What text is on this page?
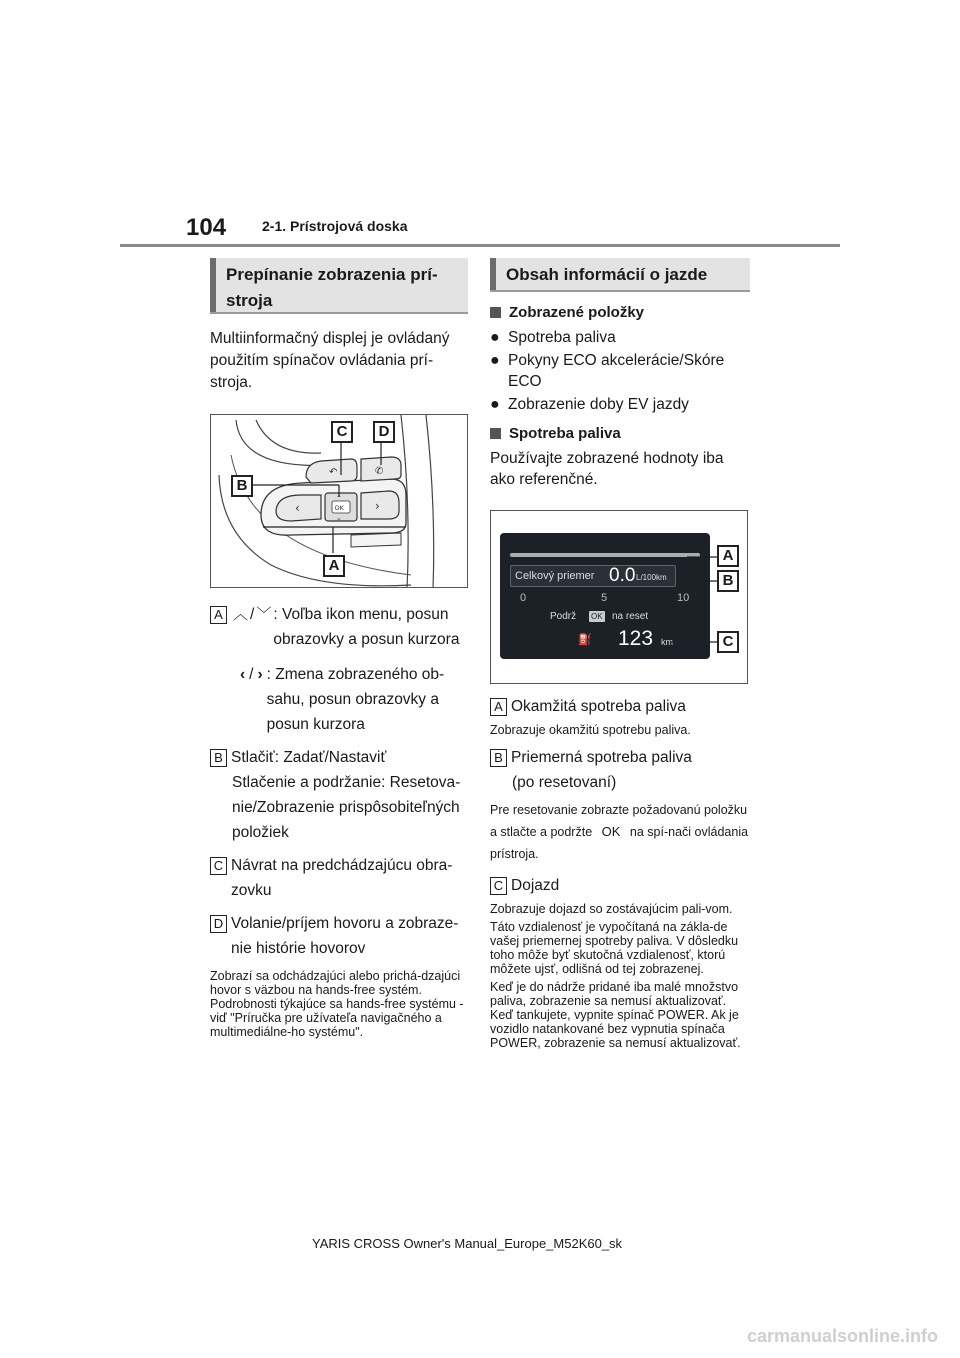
104	2-1. Prístrojová doska
Prepínanie zobrazenia prí-
stroja

Multiinformačný displej je ovládaný použitím spínačov ovládania prí-stroja.

↶	✆
‹	›
OK
⌃
⌄
C	D
B
A
A ︿ / ﹀ : Voľba ikon menu, posun obrazovky a posun kurzora
‹ / › : Zmena zobrazeného ob-sahu, posun obrazovky a posun kurzora
B Stlačiť: Zadať/Nastaviť
Stlačenie a podržanie: Resetova-nie/Zobrazenie prispôsobiteľných položiek
C Návrat na predchádzajúcu obra-zovku
D Volanie/príjem hovoru a zobraze-nie histórie hovorov

Zobrazí sa odchádzajúci alebo prichá-dzajúci hovor s väzbou na hands-free systém. Podrobnosti týkajúce sa hands-free systému - viď "Príručka pre užívateľa navigačného a multimediálne-ho systému".

Obsah informácií o jazde
Zobrazené položky
● Spotreba paliva
● Pokyny ECO akcelerácie/Skóre ECO
● Zobrazenie doby EV jazdy
Spotreba paliva

Používajte zobrazené hodnoty iba ako referenčné.

Celkový priemer 0.0 L/100km
0	5	10
Podrž OK na reset
⛽ 123 km
A
B
C
A Okamžitá spotreba paliva

Zobrazuje okamžitú spotrebu paliva.

B Priemerná spotreba paliva
(po resetovaní)

Pre resetovanie zobrazte požadovanú položku a stlačte a podržte OK na spí-nači ovládania prístroja.

C Dojazd

Zobrazuje dojazd so zostávajúcim pali-vom.

Táto vzdialenosť je vypočítaná na zákla-de vašej priemernej spotreby paliva. V dôsledku toho môže byť skutočná vzdialenosť, ktorú môžete ujsť, odlišná od tej zobrazenej.

Keď je do nádrže pridané iba malé množstvo paliva, zobrazenie sa nemusí aktualizovať. Keď tankujete, vypnite spínač POWER. Ak je vozidlo natankované bez vypnutia spínača POWER, zobrazenie sa nemusí aktualizovať.

YARIS CROSS Owner's Manual_Europe_M52K60_sk
carmanualsonline.info
